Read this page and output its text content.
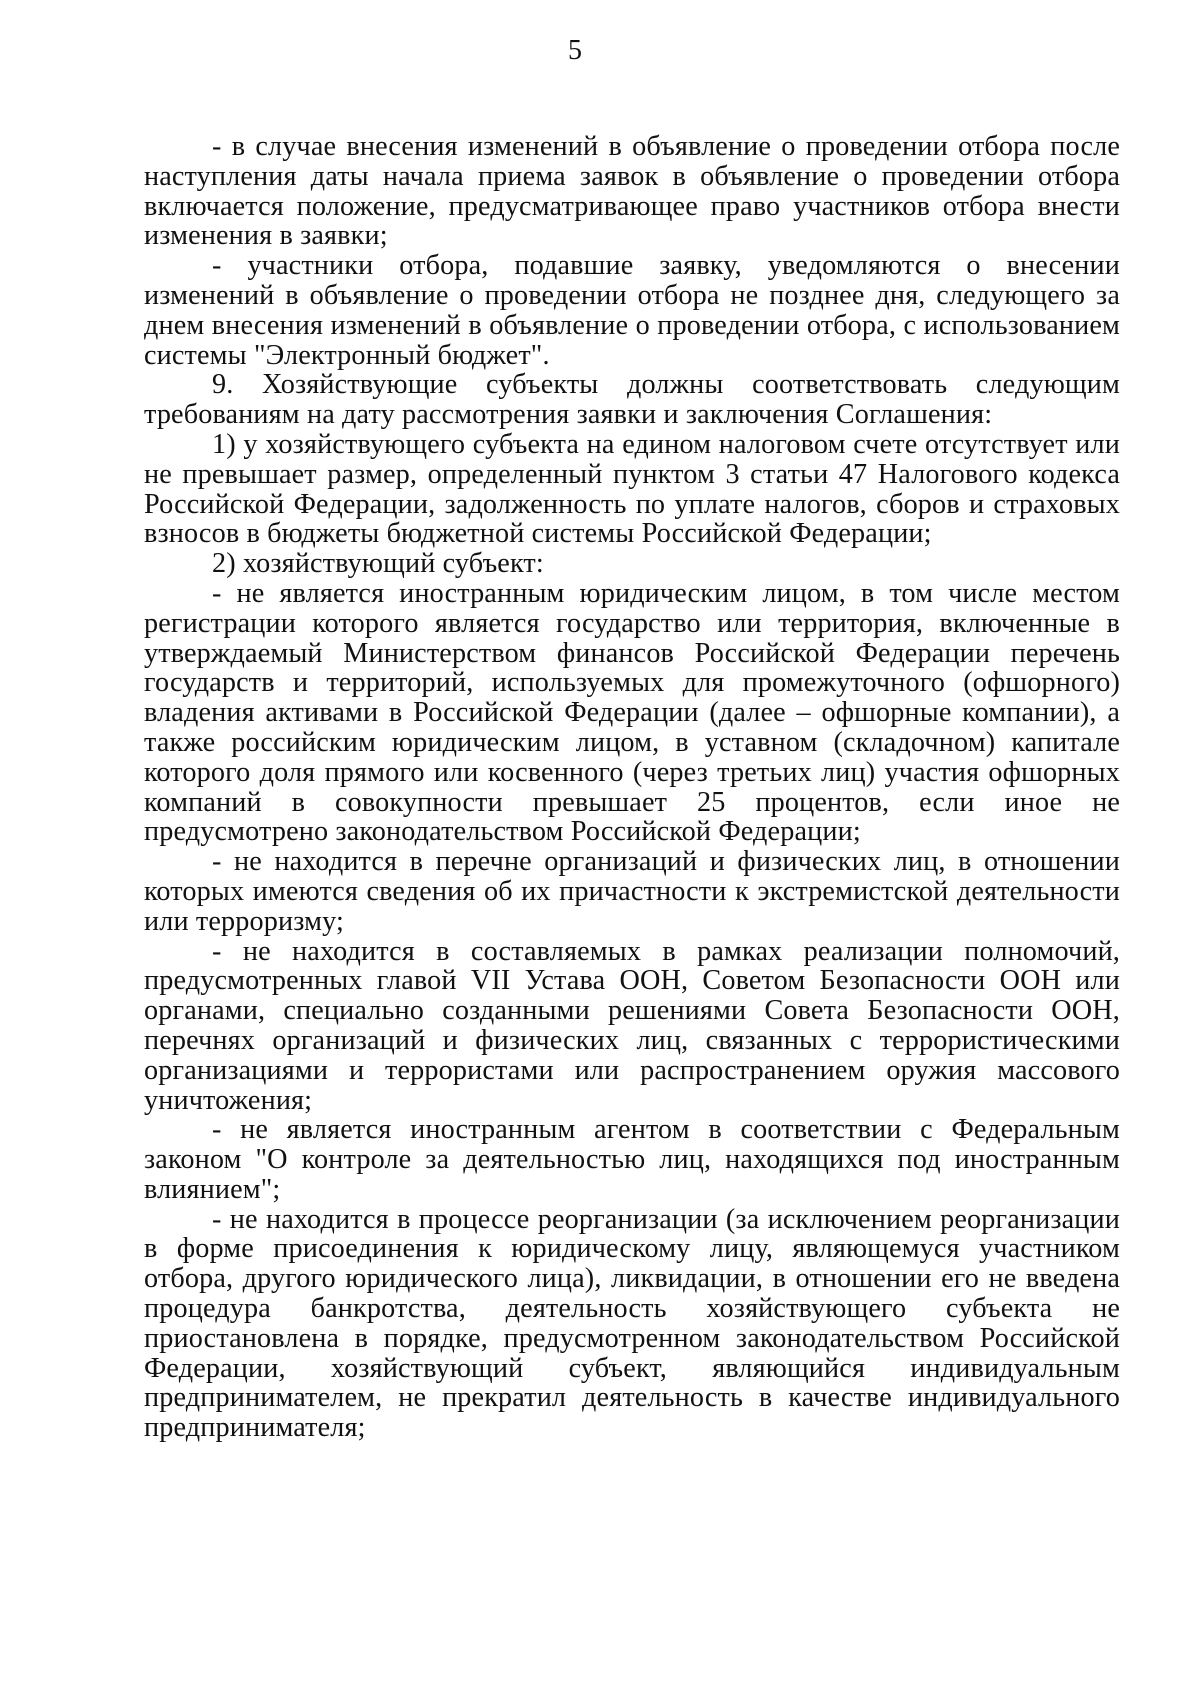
5

- в случае внесения изменений в объявление о проведении отбора после наступления даты начала приема заявок в объявление о проведении отбора включается положение, предусматривающее право участников отбора внести изменения в заявки;

- участники отбора, подавшие заявку, уведомляются о внесении изменений в объявление о проведении отбора не позднее дня, следующего за днем внесения изменений в объявление о проведении отбора, с использованием системы "Электронный бюджет".

9. Хозяйствующие субъекты должны соответствовать следующим требованиям на дату рассмотрения заявки и заключения Соглашения:

1) у хозяйствующего субъекта на едином налоговом счете отсутствует или не превышает размер, определенный пунктом 3 статьи 47 Налогового кодекса Российской Федерации, задолженность по уплате налогов, сборов и страховых взносов в бюджеты бюджетной системы Российской Федерации;

2) хозяйствующий субъект:

- не является иностранным юридическим лицом, в том числе местом регистрации которого является государство или территория, включенные в утверждаемый Министерством финансов Российской Федерации перечень государств и территорий, используемых для промежуточного (офшорного) владения активами в Российской Федерации (далее – офшорные компании), а также российским юридическим лицом, в уставном (складочном) капитале которого доля прямого или косвенного (через третьих лиц) участия офшорных компаний в совокупности превышает 25 процентов, если иное не предусмотрено законодательством Российской Федерации;

- не находится в перечне организаций и физических лиц, в отношении которых имеются сведения об их причастности к экстремистской деятельности или терроризму;

- не находится в составляемых в рамках реализации полномочий, предусмотренных главой VII Устава ООН, Советом Безопасности ООН или органами, специально созданными решениями Совета Безопасности ООН, перечнях организаций и физических лиц, связанных с террористическими организациями и террористами или распространением оружия массового уничтожения;

- не является иностранным агентом в соответствии с Федеральным законом "О контроле за деятельностью лиц, находящихся под иностранным влиянием";

- не находится в процессе реорганизации (за исключением реорганизации в форме присоединения к юридическому лицу, являющемуся участником отбора, другого юридического лица), ликвидации, в отношении его не введена процедура банкротства, деятельность хозяйствующего субъекта не приостановлена в порядке, предусмотренном законодательством Российской Федерации, хозяйствующий субъект, являющийся индивидуальным предпринимателем, не прекратил деятельность в качестве индивидуального предпринимателя;
